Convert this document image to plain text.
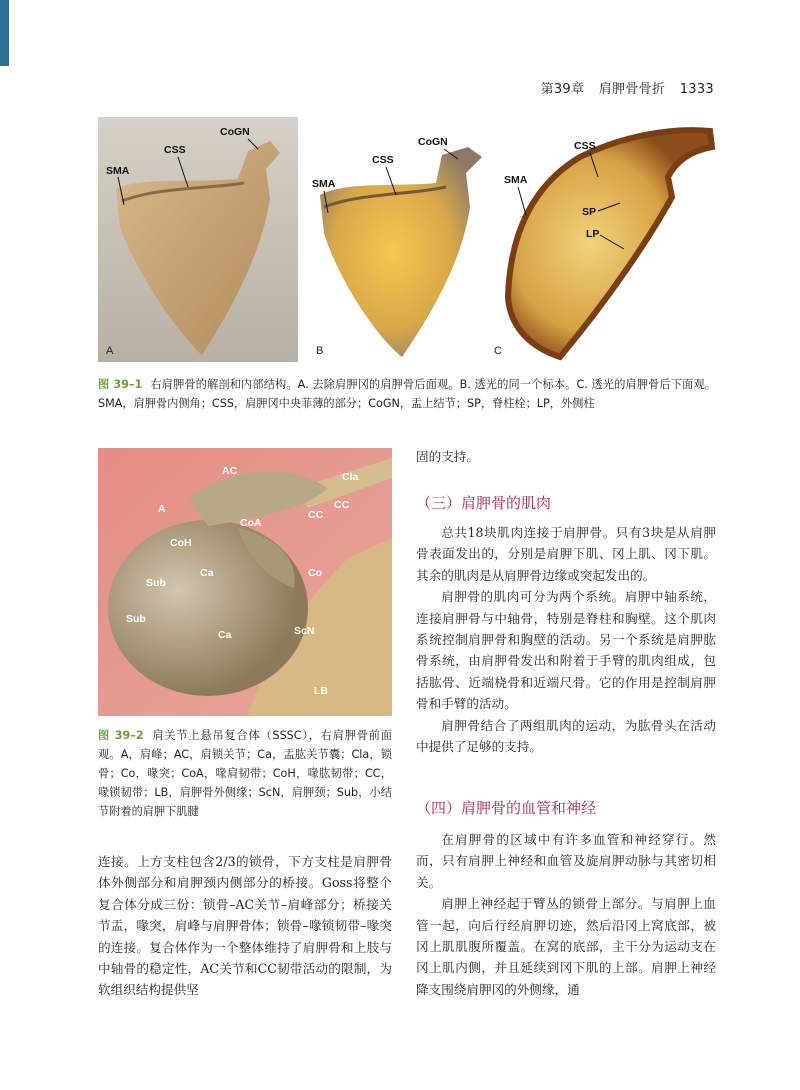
第39章 肩胛骨骨折 1333
CoGN
CSS
SMA
A
CoGN
CSS
SMA
B
CSS
SMA
SP
LP
C
图 39–1 右肩胛骨的解剖和内部结构。A. 去除肩胛冈的肩胛骨后面观。B. 透光的同一个标本。C. 透光的肩胛骨后下面观。SMA，肩胛骨内侧角；CSS，肩胛冈中央菲薄的部分；CoGN，盂上结节；SP，脊柱栓；LP，外侧柱
AC	Cla
A	CC
CC
CoA
CoH
Ca	Co
Sub
Sub
Ca	ScN
LB
图 39–2 肩关节上悬吊复合体（SSSC），右肩胛骨前面观。A，肩峰；AC，肩锁关节；Ca，盂肱关节囊；Cla，锁骨；Co，喙突；CoA，喙肩韧带；CoH，喙肱韧带；CC，喙锁韧带；LB，肩胛骨外侧缘；ScN，肩胛颈；Sub，小结节附着的肩胛下肌腱

连接。上方支柱包含2/3的锁骨，下方支柱是肩胛骨体外侧部分和肩胛颈内侧部分的桥接。Goss将整个复合体分成三份：锁骨–AC关节–肩峰部分；桥接关节盂，喙突，肩峰与肩胛骨体；锁骨–喙锁韧带–喙突的连接。复合体作为一个整体维持了肩胛骨和上肢与中轴骨的稳定性，AC关节和CC韧带活动的限制，为软组织结构提供坚

固的支持。

（三）肩胛骨的肌肉

总共18块肌肉连接于肩胛骨。只有3块是从肩胛骨表面发出的，分别是肩胛下肌、冈上肌、冈下肌。其余的肌肉是从肩胛骨边缘或突起发出的。

肩胛骨的肌肉可分为两个系统。肩胛中轴系统，连接肩胛骨与中轴骨，特别是脊柱和胸壁。这个肌肉系统控制肩胛骨和胸壁的活动。另一个系统是肩胛肱骨系统，由肩胛骨发出和附着于手臂的肌肉组成，包括肱骨、近端桡骨和近端尺骨。它的作用是控制肩胛骨和手臂的活动。

肩胛骨结合了两组肌肉的运动，为肱骨头在活动中提供了足够的支持。

（四）肩胛骨的血管和神经

在肩胛骨的区域中有许多血管和神经穿行。然而，只有肩胛上神经和血管及旋肩胛动脉与其密切相关。

肩胛上神经起于臂丛的锁骨上部分。与肩胛上血管一起，向后行经肩胛切迹，然后沿冈上窝底部，被冈上肌肌腹所覆盖。在窝的底部，主干分为运动支在冈上肌内侧，并且延续到冈下肌的上部。肩胛上神经降支围绕肩胛冈的外侧缘，通
